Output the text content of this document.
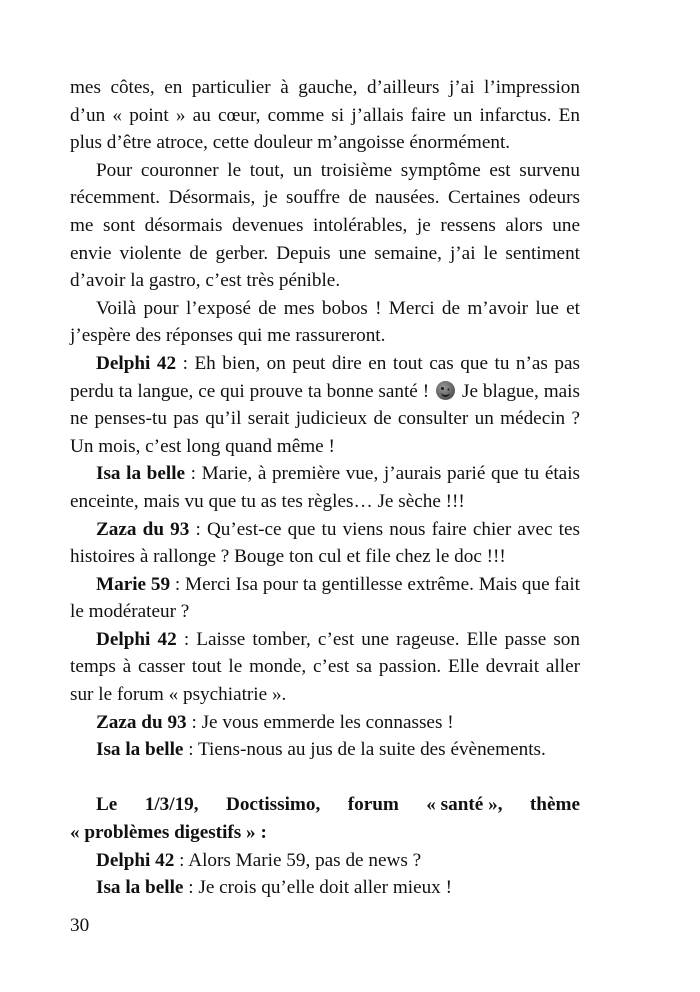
mes côtes, en particulier à gauche, d’ailleurs j’ai l’impression d’un « point » au cœur, comme si j’allais faire un infarctus. En plus d’être atroce, cette douleur m’angoisse énormément.

Pour couronner le tout, un troisième symptôme est survenu récemment. Désormais, je souffre de nausées. Certaines odeurs me sont désormais devenues intolérables, je ressens alors une envie violente de gerber. Depuis une semaine, j’ai le sentiment d’avoir la gastro, c’est très pénible.

Voilà pour l’exposé de mes bobos ! Merci de m’avoir lue et j’espère des réponses qui me rassureront.

Delphi 42 : Eh bien, on peut dire en tout cas que tu n’as pas perdu ta langue, ce qui prouve ta bonne santé !  Je blague, mais ne penses-tu pas qu’il serait judicieux de consulter un médecin ? Un mois, c’est long quand même !

Isa la belle : Marie, à première vue, j’aurais parié que tu étais enceinte, mais vu que tu as tes règles… Je sèche !!!

Zaza du 93 : Qu’est-ce que tu viens nous faire chier avec tes histoires à rallonge ? Bouge ton cul et file chez le doc !!!

Marie 59 : Merci Isa pour ta gentillesse extrême. Mais que fait le modérateur ?

Delphi 42 : Laisse tomber, c’est une rageuse. Elle passe son temps à casser tout le monde, c’est sa passion. Elle devrait aller sur le forum « psychiatrie ».

Zaza du 93 : Je vous emmerde les connasses !

Isa la belle : Tiens-nous au jus de la suite des évènements.

Le 1/3/19, Doctissimo, forum « santé », thème
« problèmes digestifs » :

Delphi 42 : Alors Marie 59, pas de news ?

Isa la belle : Je crois qu’elle doit aller mieux !

30
